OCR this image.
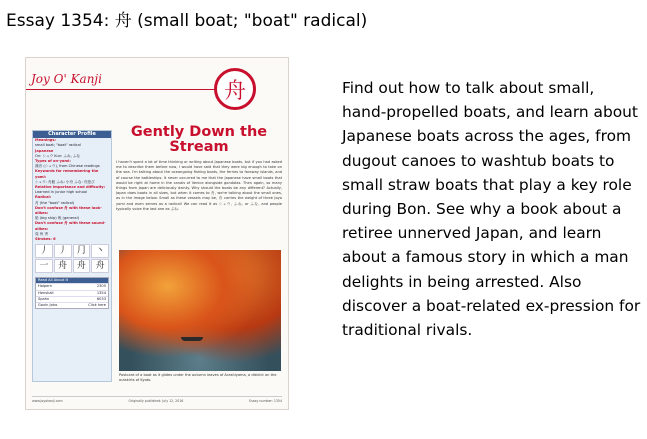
Essay 1354: 舟 (small boat; "boat" radical)
Joy O' Kanji	舟
Character Profile
Meanings:
small boat; "boat" radical
Japanese
On: シュウ Kun: ふね, ふな
Types of on-yomi:
漢音 (シュウ), from Chinese readings
Keywords for remembering the yomi:
シュウ: 舟艇 ふね: 小舟 ふな: 舟遊び
Relative importance and difficulty:
Learned in junior high school
Radical:
舟 (the "boat" radical)
Don't confuse 舟 with these look-alikes:
船 (big ship) 般 (general)
Don't confuse 舟 with these sound-alikes:
周 州 秀
Strokes: 6
丿	丿	⺆	丶
一	舟	舟	舟
Read All About It
Halpern	2305
Henshall	1354
Spahn	6033
Gavin Joho	Click here
Gently Down the Stream
I haven't spent a lot of time thinking or writing about Japanese boats, but if you had asked me to describe them before now, I would have said that they were big enough to take on the sea. I'm talking about the oceangoing fishing boats, the ferries to faraway islands, and of course the battleships. It never occurred to me that the Japanese have small boats that would be right at home in the canals of Venice alongside gondolas. Then again, so many things from Japan are deliciously dainty. Why should the boats be any different? Actually, Japan does boats in all sizes, but when it comes to 舟, we're talking about the small ones, as in the image below. Small as these vessels may be, 舟 carries the weight of three Joyo yomi and even serves as a radical! We can read it as シュウ, ふね, or ふな, and people typically voice the last one as ぶね.
Postcard of a boat as it glides under the autumn leaves of Arashiyama, a district on the outskirts of Kyoto.
www.joyokanji.com	Originally published: July 12, 2016	Essay number: 1354
Find out how to talk about small, hand-propelled boats, and learn about Japanese boats across the ages, from dugout canoes to washtub boats to small straw boats that play a key role during Bon. See why a book about a retiree unnerved Japan, and learn about a famous story in which a man delights in being arrested. Also discover a boat-related ex-pression for traditional rivals.
